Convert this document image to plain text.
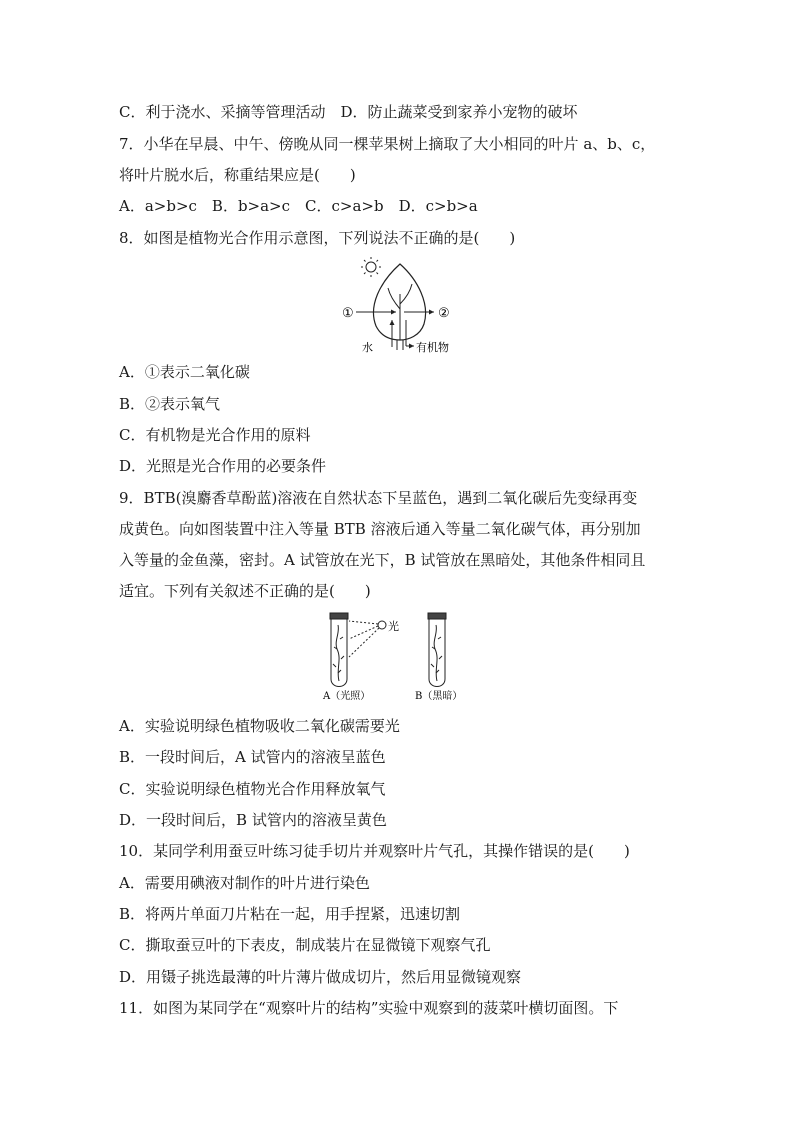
C．利于浇水、采摘等管理活动　D．防止蔬菜受到家养小宠物的破坏
7．小华在早晨、中午、傍晚从同一棵苹果树上摘取了大小相同的叶片 a、b、c，
将叶片脱水后，称重结果应是(　　)
A．a>b>c　B．b>a>c　C．c>a>b　D．c>b>a
8．如图是植物光合作用示意图，下列说法不正确的是(　　)
①	②
水	有机物
A．①表示二氧化碳
B．②表示氧气
C．有机物是光合作用的原料
D．光照是光合作用的必要条件
9．BTB(溴麝香草酚蓝)溶液在自然状态下呈蓝色，遇到二氧化碳后先变绿再变
成黄色。向如图装置中注入等量 BTB 溶液后通入等量二氧化碳气体，再分别加
入等量的金鱼藻，密封。A 试管放在光下，B 试管放在黑暗处，其他条件相同且
适宜。下列有关叙述不正确的是(　　)
光
A（光照）	B（黑暗）
A．实验说明绿色植物吸收二氧化碳需要光
B．一段时间后，A 试管内的溶液呈蓝色
C．实验说明绿色植物光合作用释放氧气
D．一段时间后，B 试管内的溶液呈黄色
10．某同学利用蚕豆叶练习徒手切片并观察叶片气孔，其操作错误的是(　　)
A．需要用碘液对制作的叶片进行染色
B．将两片单面刀片粘在一起，用手捏紧，迅速切割
C．撕取蚕豆叶的下表皮，制成装片在显微镜下观察气孔
D．用镊子挑选最薄的叶片薄片做成切片，然后用显微镜观察
11．如图为某同学在“观察叶片的结构”实验中观察到的菠菜叶横切面图。下
